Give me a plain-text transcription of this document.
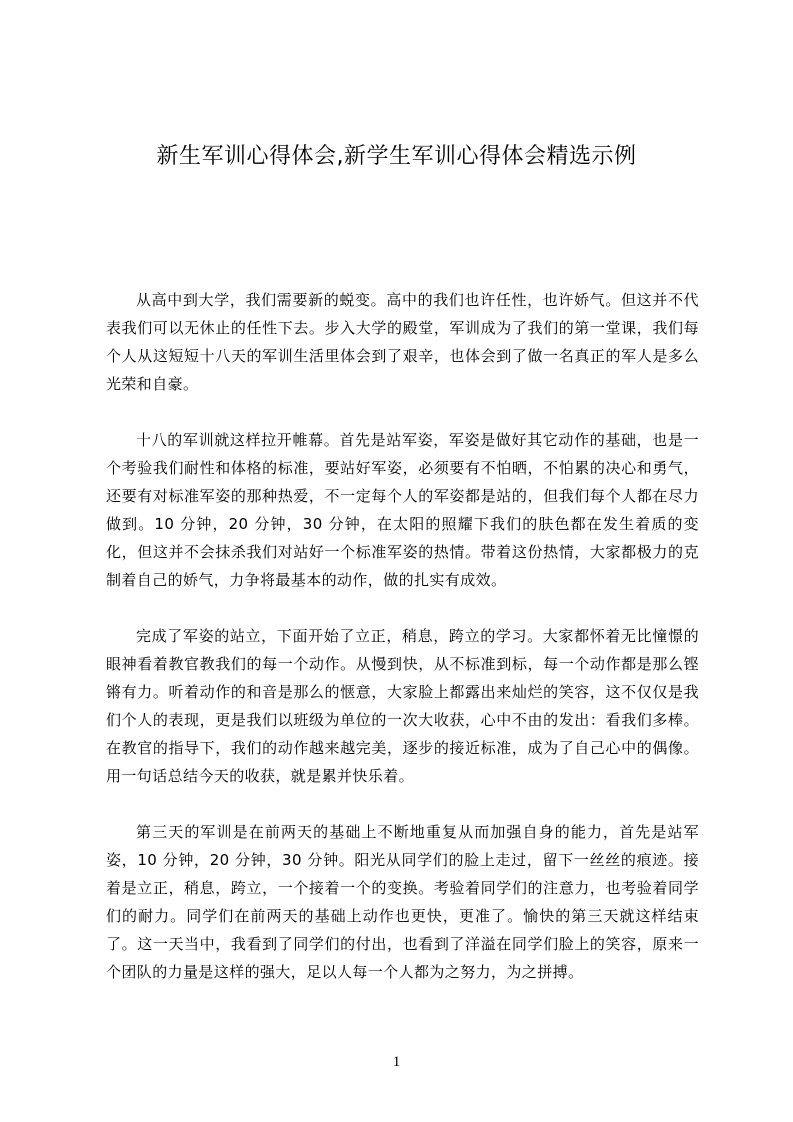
新生军训心得体会,新学生军训心得体会精选示例

从高中到大学，我们需要新的蜕变。高中的我们也许任性，也许娇气。但这并不代表我们可以无休止的任性下去。步入大学的殿堂，军训成为了我们的第一堂课，我们每个人从这短短十八天的军训生活里体会到了艰辛，也体会到了做一名真正的军人是多么光荣和自豪。

十八的军训就这样拉开帷幕。首先是站军姿，军姿是做好其它动作的基础，也是一个考验我们耐性和体格的标准，要站好军姿，必须要有不怕晒，不怕累的决心和勇气，还要有对标准军姿的那种热爱，不一定每个人的军姿都是站的，但我们每个人都在尽力做到。10 分钟，20 分钟，30 分钟，在太阳的照耀下我们的肤色都在发生着质的变化，但这并不会抹杀我们对站好一个标准军姿的热情。带着这份热情，大家都极力的克制着自己的娇气，力争将最基本的动作，做的扎实有成效。

完成了军姿的站立，下面开始了立正，稍息，跨立的学习。大家都怀着无比憧憬的眼神看着教官教我们的每一个动作。从慢到快，从不标准到标，每一个动作都是那么铿锵有力。听着动作的和音是那么的惬意，大家脸上都露出来灿烂的笑容，这不仅仅是我们个人的表现，更是我们以班级为单位的一次大收获，心中不由的发出：看我们多棒。在教官的指导下，我们的动作越来越完美，逐步的接近标准，成为了自己心中的偶像。用一句话总结今天的收获，就是累并快乐着。

第三天的军训是在前两天的基础上不断地重复从而加强自身的能力，首先是站军姿，10 分钟，20 分钟，30 分钟。阳光从同学们的脸上走过，留下一丝丝的痕迹。接着是立正，稍息，跨立，一个接着一个的变换。考验着同学们的注意力，也考验着同学们的耐力。同学们在前两天的基础上动作也更快，更准了。愉快的第三天就这样结束了。这一天当中，我看到了同学们的付出，也看到了洋溢在同学们脸上的笑容，原来一个团队的力量是这样的强大，足以人每一个人都为之努力，为之拼搏。

1
